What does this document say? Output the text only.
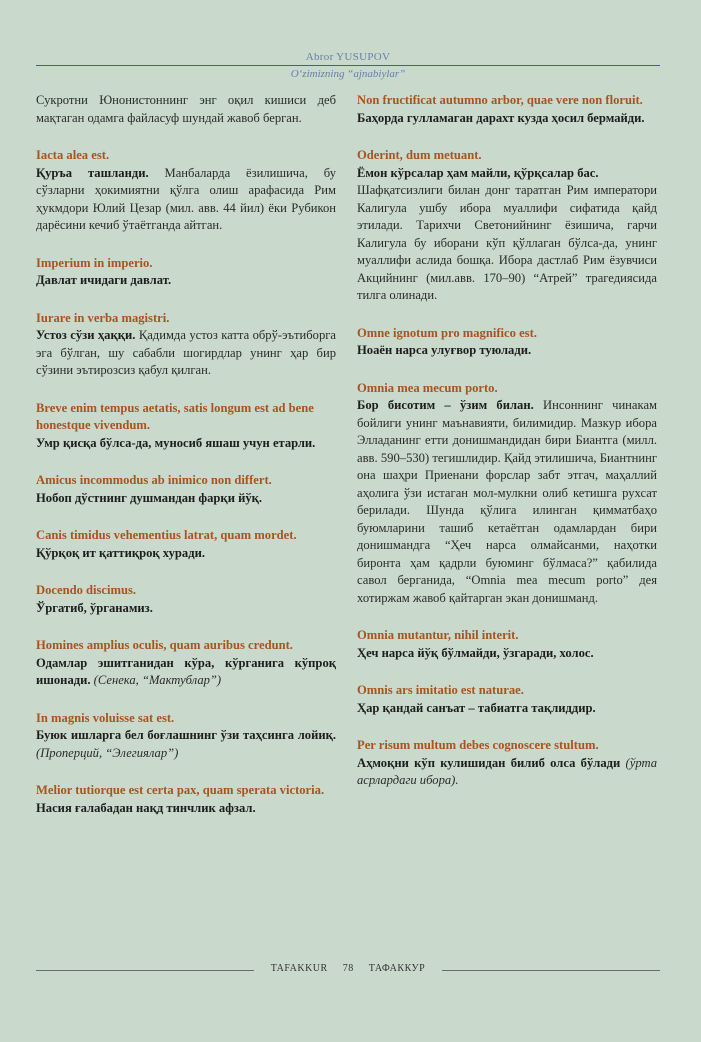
Abror YUSUPOV
O‘zimizning “ajnabiylar”
Сукротни Юнонистоннинг энг оқил кишиси деб мақтаган одамга файласуф шундай жавоб берган.
Iacta alea est.
Қуръа ташланди. Манбаларда ёзилишича, бу сўзларни ҳокимиятни қўлга олиш арафасида Рим ҳукмдори Юлий Цезар (мил. авв. 44 йил) ёки Рубикон дарёсини кечиб ўтаётганда айтган.
Imperium in imperio.
Давлат ичидаги давлат.
Iurare in verba magistri.
Устоз сўзи ҳаққи. Қадимда устоз катта обрў-эътиборга эга бўлган, шу сабабли шогирдлар унинг ҳар бир сўзини эътирозсиз қабул қилган.
Breve enim tempus aetatis, satis longum est ad bene honestque vivendum.
Умр қисқа бўлса-да, муносиб яшаш учун етарли.
Amicus incommodus ab inimico non differt.
Нобоп дўстнинг душмандан фарқи йўқ.
Canis timidus vehementius latrat, quam mordet.
Қўрқоқ ит қаттиқроқ хуради.
Docendo discimus.
Ўргатиб, ўрганамиз.
Homines amplius oculis, quam auribus credunt.
Одамлар эшитганидан кўра, кўрганига кўпроқ ишонади. (Сенека, “Мактублар”)
In magnis voluisse sat est.
Буюк ишларга бел боғлашнинг ўзи таҳсинга лойиқ. (Проперций, “Элегиялар”)
Melior tutiorque est certa pax, quam sperata victoria.
Насия ғалабадан нақд тинчлик афзал.
Non fructificat autumno arbor, quae vere non floruit.
Баҳорда гулламаган дарахт кузда ҳосил бермайди.
Oderint, dum metuant.
Ёмон кўрсалар ҳам майли, қўрқсалар бас.
Шафқатсизлиги билан донг таратган Рим императори Калигула ушбу ибора муаллифи сифатида қайд этилади. Тарихчи Светонийнинг ёзишича, гарчи Калигула бу иборани кўп қўллаган бўлса-да, унинг муаллифи аслида бошқа. Ибора дастлаб Рим ёзувчиси Акцийнинг (мил.авв. 170–90) “Атрей” трагедиясида тилга олинади.
Omne ignotum pro magnifico est.
Ноаён нарса улуғвор туюлади.
Omnia mea mecum porto.
Бор бисотим – ўзим билан. Инсоннинг чинакам бойлиги унинг маънавияти, билимидир. Мазкур ибора Элладанинг етти донишмандидан бири Биантга (милл. авв. 590–530) тегишлидир. Қайд этилишича, Биантнинг она шаҳри Приенани форслар забт этгач, маҳаллий аҳолига ўзи истаган мол-мулкни олиб кетишга рухсат берилади. Шунда қўлига илинган қимматбаҳо буюмларини ташиб кетаётган одамлардан бири донишмандга “Ҳеч нарса олмайсанми, наҳотки биронта ҳам қадрли буюминг бўлмаса?” қабилида савол берганида, “Omnia mea mecum porto” дея хотиржам жавоб қайтарган экан донишманд.
Omnia mutantur, nihil interit.
Ҳеч нарса йўқ бўлмайди, ўзгаради, холос.
Omnis ars imitatio est naturae.
Ҳар қандай санъат – табиатга тақлиддир.
Per risum multum debes cognoscere stultum.
Аҳмоқни кўп кулишидан билиб олса бўлади (ўрта асрлардаги ибора).
TAFAKKUR 78 ТАФАККУР
